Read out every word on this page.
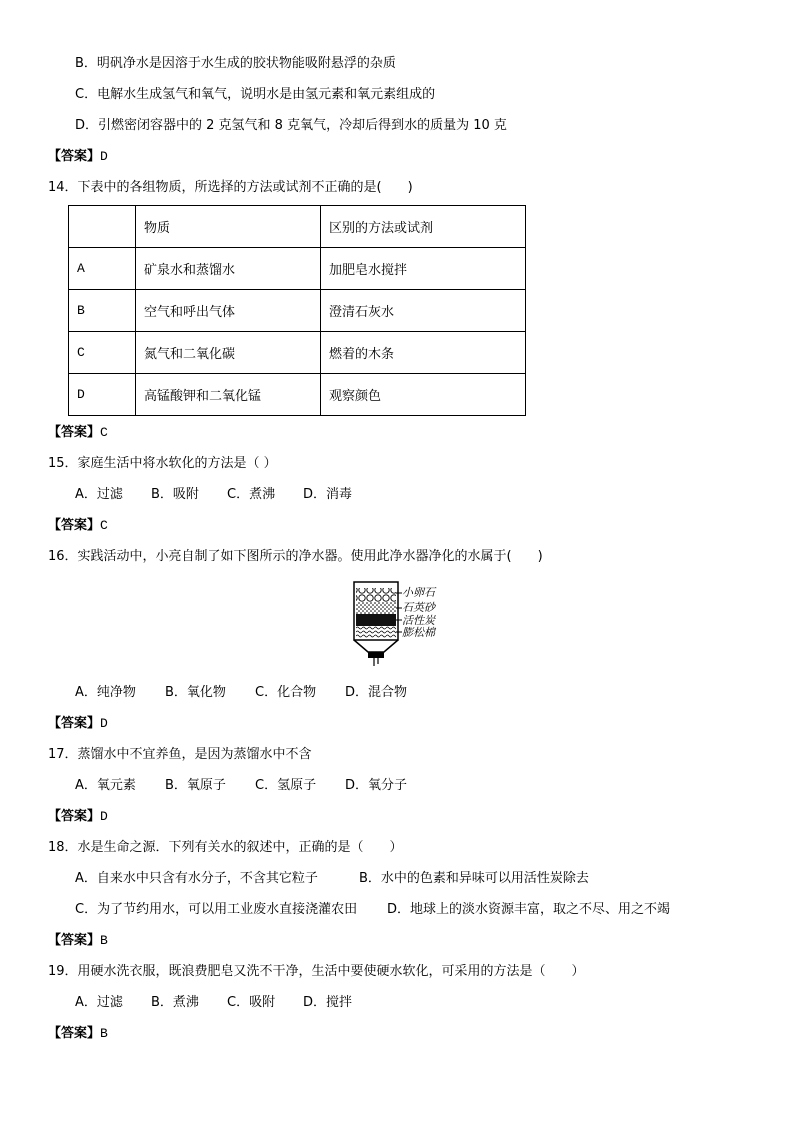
B．明矾净水是因溶于水生成的胶状物能吸附悬浮的杂质
C．电解水生成氢气和氧气，说明水是由氢元素和氧元素组成的
D．引燃密闭容器中的 2 克氢气和 8 克氧气，冷却后得到水的质量为 10 克
【答案】D
14．下表中的各组物质，所选择的方法或试剂不正确的是(　　)
	物质	区别的方法或试剂
A	矿泉水和蒸馏水	加肥皂水搅拌
B	空气和呼出气体	澄清石灰水
C	氮气和二氧化碳	燃着的木条
D	高锰酸钾和二氧化锰	观察颜色
【答案】C
15．家庭生活中将水软化的方法是（ ）
A．过滤 B．吸附 C．煮沸 D．消毒
【答案】C
16．实践活动中，小亮自制了如下图所示的净水器。使用此净水器净化的水属于(　　)
小卵石
石英砂
活性炭
膨松棉
A．纯净物 B．氧化物 C．化合物 D．混合物
【答案】D
17．蒸馏水中不宜养鱼，是因为蒸馏水中不含
A．氧元素 B．氧原子 C．氢原子 D．氧分子
【答案】D
18．水是生命之源．下列有关水的叙述中，正确的是（　　）
A．自来水中只含有水分子，不含其它粒子	B．水中的色素和异味可以用活性炭除去
C．为了节约用水，可以用工业废水直接浇灌农田 D．地球上的淡水资源丰富，取之不尽、用之不竭
【答案】B
19．用硬水洗衣服，既浪费肥皂又洗不干净，生活中要使硬水软化，可采用的方法是（　　）
A．过滤 B．煮沸 C．吸附 D．搅拌
【答案】B
